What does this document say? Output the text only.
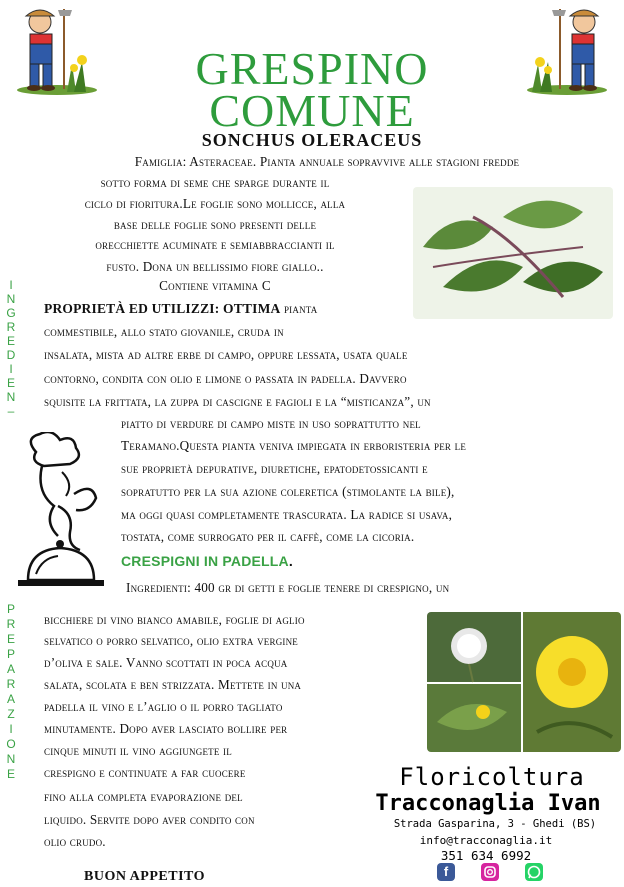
GRESPINO
COMUNE
SONCHUS OLERACEUS
Famiglia: Asteraceae. Pianta annuale sopravvive alle stagioni fredde
sotto forma di seme che sparge durante il
ciclo di fioritura.Le foglie sono mollicce, alla
base delle foglie sono presenti delle
orecchiette acuminate e semiabbraccianti il
fusto. Dona un bellissimo fiore giallo..
Contiene vitamina C
I
N
G
R
E
D
I
E
N
–
P
R
E
P
A
R
A
Z
I
O
N
E
PROPRIETÀ ED UTILIZZI: OTTIMA pianta
commestibile, allo stato giovanile, cruda in
insalata, mista ad altre erbe di campo, oppure lessata, usata quale
contorno, condita con olio e limone o passata in padella. Davvero
squisite la frittata, la zuppa di cascigne e fagioli e la “misticanza”, un
piatto di verdure di campo miste in uso soprattutto nel
Teramano.Questa pianta veniva impiegata in erboristeria per le
sue proprietà depurative, diuretiche, epatodetossicanti e
sopratutto per la sua azione coleretica (stimolante la bile),
ma oggi quasi completamente trascurata. La radice si usava,
tostata, come surrogato per il caffè, come la cicoria.
CRESPIGNI IN PADELLA.
Ingredienti: 400 gr di getti e foglie tenere di crespigno, un
bicchiere di vino bianco amabile, foglie di aglio
selvatico o porro selvatico, olio extra vergine
d’oliva e sale. Vanno scottati in poca acqua
salata, scolata e ben strizzata. Mettete in una
padella il vino e l’aglio o il porro tagliato
minutamente. Dopo aver lasciato bollire per
cinque minuti il vino aggiungete il
crespigno e continuate a far cuocere
fino alla completa evaporazione del
liquido. Servite dopo aver condito con
olio crudo.
BUON APPETITO
Floricoltura
Tracconaglia Ivan
Strada Gasparina, 3 - Ghedi (BS)
info@tracconaglia.it
351 634 6992
f
